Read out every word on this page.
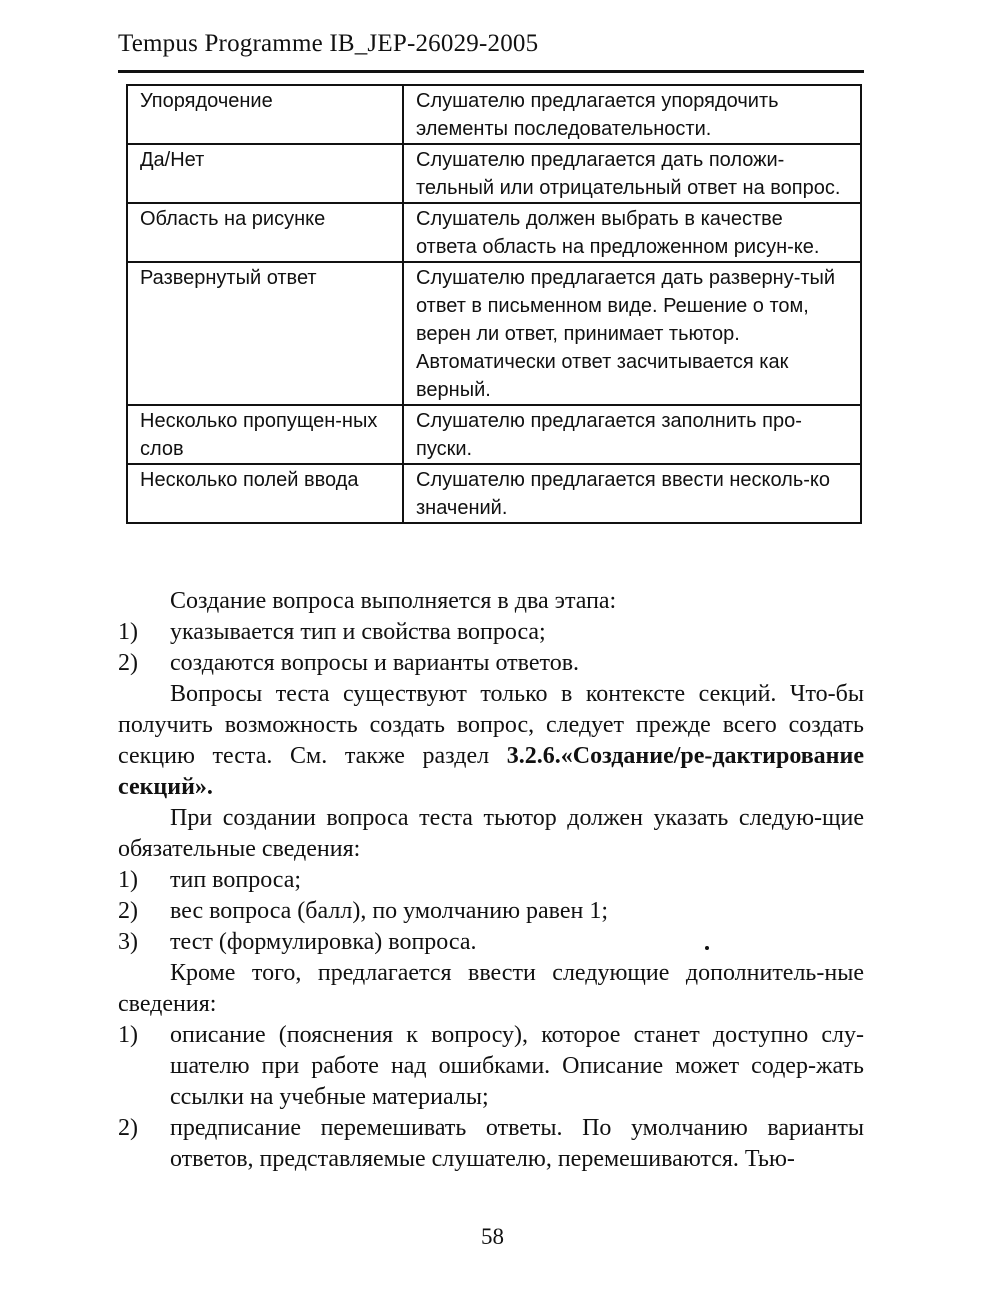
Tempus Programme IB_JEP-26029-2005
Упорядочение	Слушателю предлагается упорядочить элементы последовательности.
Да/Нет	Слушателю предлагается дать положи-тельный или отрицательный ответ на вопрос.
Область на рисунке	Слушатель должен выбрать в качестве ответа область на предложенном рисун-ке.
Развернутый ответ	Слушателю предлагается дать разверну-тый ответ в письменном виде. Решение о том, верен ли ответ, принимает тьютор. Автоматически ответ засчитывается как верный.
Несколько пропущен-ных слов	Слушателю предлагается заполнить про-пуски.
Несколько полей ввода	Слушателю предлагается ввести несколь-ко значений.

Создание вопроса выполняется в два этапа:

1)	указывается тип и свойства вопроса;
2)	создаются вопросы и варианты ответов.

Вопросы теста существуют только в контексте секций. Что-бы получить возможность создать вопрос, следует прежде всего создать секцию теста. См. также раздел 3.2.6.«Создание/ре-дактирование секций».

При создании вопроса теста тьютор должен указать следую-щие обязательные сведения:

1)	тип вопроса;
2)	вес вопроса (балл), по умолчанию равен 1;
3)	тест (формулировка) вопроса.

Кроме того, предлагается ввести следующие дополнитель-ные сведения:

1)	описание (пояснения к вопросу), которое станет доступно слу-шателю при работе над ошибками. Описание может содер-жать ссылки на учебные материалы;
2)	предписание перемешивать ответы. По умолчанию варианты ответов, представляемые слушателю, перемешиваются. Тью-
58
